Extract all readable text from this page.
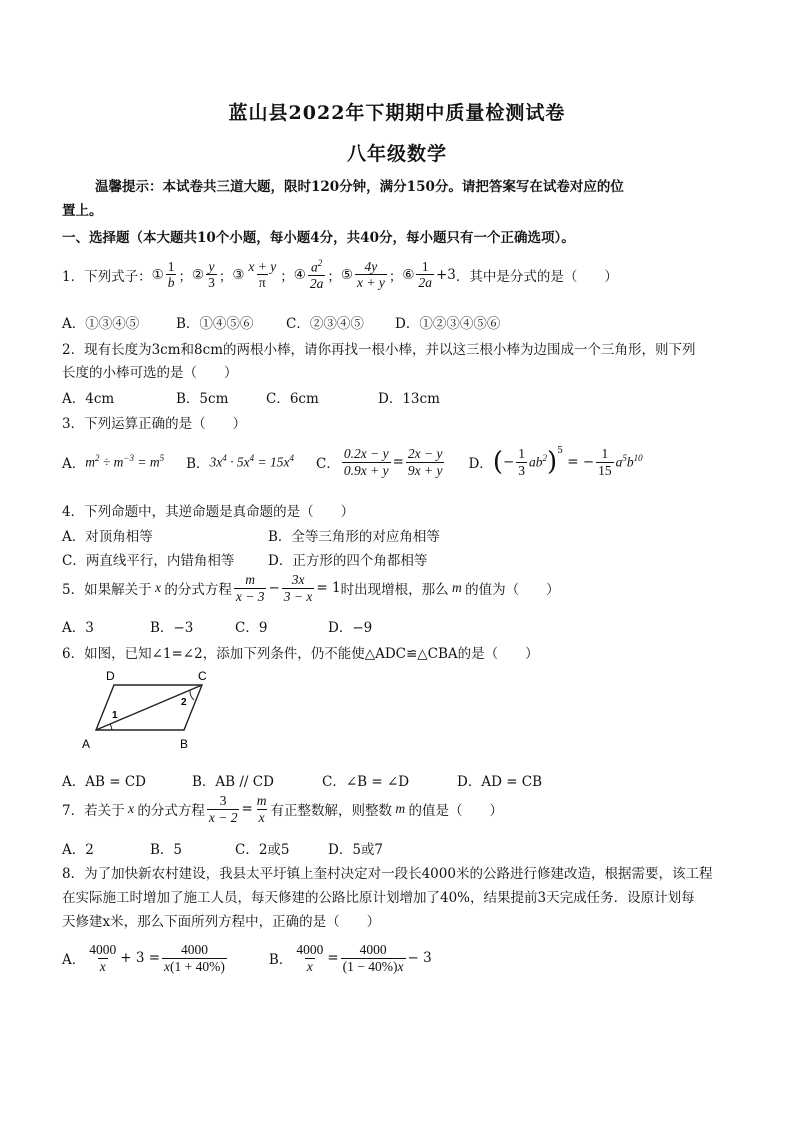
蓝山县2022年下期期中质量检测试卷
八年级数学
温馨提示：本试卷共三道大题，限时120分钟，满分150分。请把答案写在试卷对应的位
置上。
一、选择题（本大题共10个小题，每小题4分，共40分，每小题只有一个正确选项）。
1．下列式子： ① $\frac{1}{b}$ ； ② $\frac{y}{3}$ ； ③ $\frac{x + y}{\pi}$ ； ④ $\frac{a^2}{2a}$ ； ⑤ $\frac{4y}{x + y}$ ； ⑥ $\frac{1}{2a} +3$ ．其中是分式的是（　　）
A．①③④⑤	B．①④⑤⑥ C．②③④⑤ D．①②③④⑤⑥
2．现有长度为3cm和8cm的两根小棒，请你再找一根小棒，并以这三根小棒为边围成一个三角形，则下列
长度的小棒可选的是（　　）
A．4cm	B．5cm	C．6cm	D．13cm
3．下列运算正确的是（　　）
A． $m^2 \div m^{-3} = m^5$ B． $3x^4 \cdot 5x^4 = 15x^4$ C． $\frac{0.2x - y}{0.9x + y} = \frac{2x - y}{9x + y}$ D． ( − $\frac{1}{3} ab^2$ )$^5$
= − $\frac{1}{15} a^5b^{10}$
4．下列命题中，其逆命题是真命题的是（　　）
A．对顶角相等	B．全等三角形的对应角相等
C．两直线平行，内错角相等 D．正方形的四个角都相等
5．如果解关于 x 的分式方程 $\frac{m}{x - 3} - \frac{3x}{3 - x} = 1$ 时出现增根，那么 m 的值为（　　）
A．3	B．−3	C．9	D．−9
6．如图，已知∠1=∠2，添加下列条件，仍不能使△ADC≌△CBA的是（　　）
A	B
C
D
1
2
A．AB = CD	B．AB // CD	C．∠B = ∠D	D．AD = CB
7．若关于 x 的分式方程 $\frac{3}{x - 2} = \frac{m}{x}$ 有正整数解，则整数 m 的值是（　　）
A．2	B．5	C．2或5	D．5或7
8．为了加快新农村建设，我县太平圩镇上奎村决定对一段长4000米的公路进行修建改造，根据需要，该工程
在实际施工时增加了施工人员，每天修建的公路比原计划增加了40%，结果提前3天完成任务．设原计划每
天修建x米，那么下面所列方程中，正确的是（　　）
A． $\frac{4000}{x} + 3 = \frac{4000}{x(1 + 40\%)}$	B． $\frac{4000}{x} = \frac{4000}{(1 - 40\%)x} - 3$
